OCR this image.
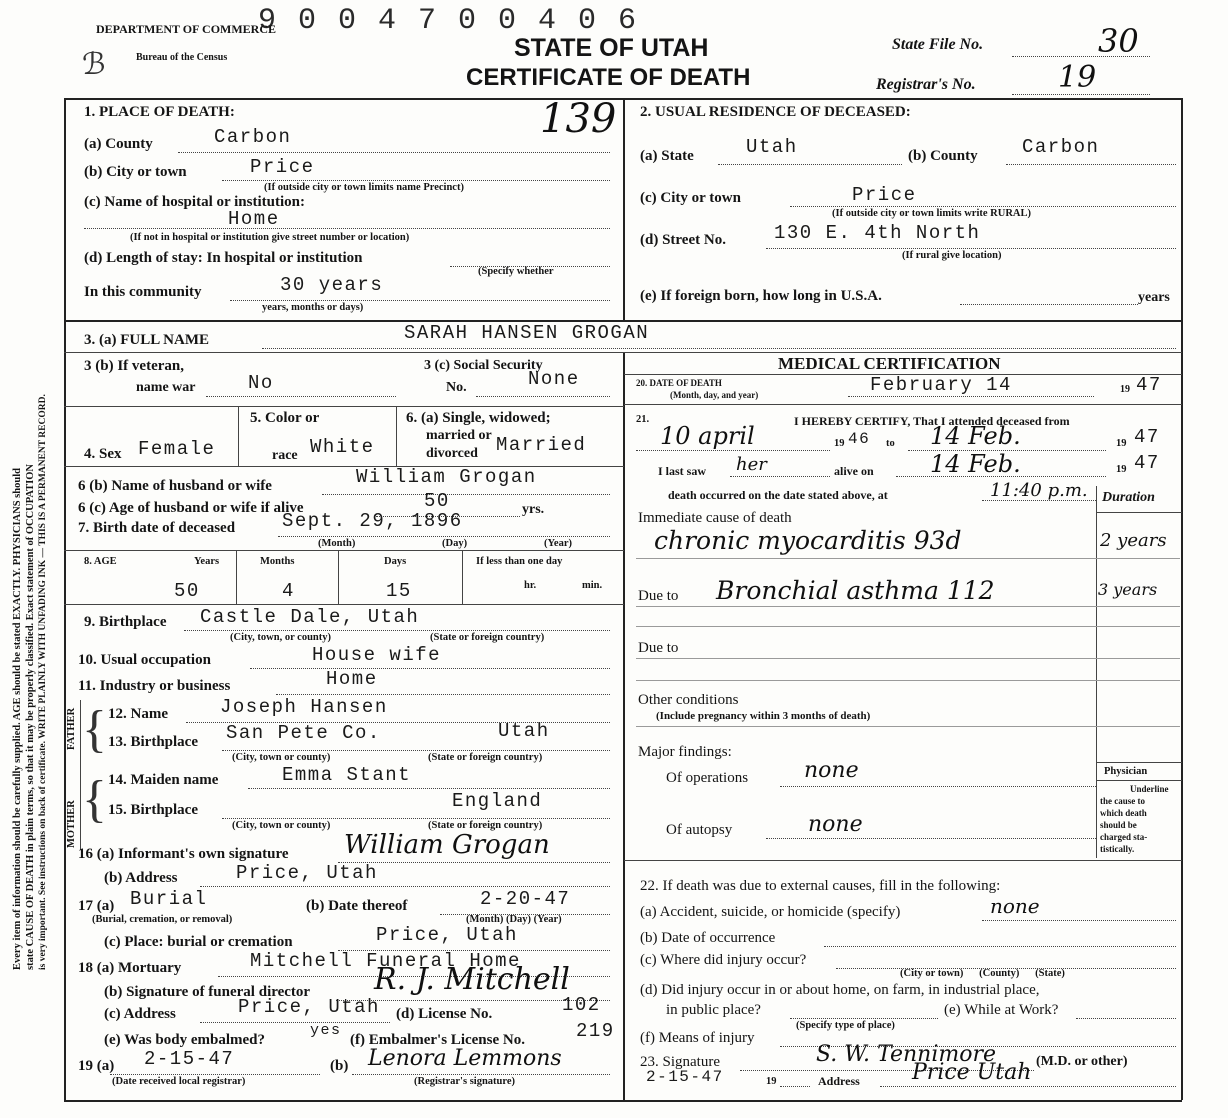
9 0 0 4 7 0 0 4 0 6
DEPARTMENT OF COMMERCE
Bureau of the Census
ℬ	STATE OF UTAH
CERTIFICATE OF DEATH
State File No.	30
Registrar's No.	19
Every item of information should be carefully supplied. AGE should be stated EXACTLY. PHYSICIANS should state CAUSE OF DEATH in plain terms, so that it may be properly classified. Exact statement of OCCUPATION is very important. See instructions on back of certificate. WRITE PLAINLY WITH UNFADING INK — THIS IS A PERMANENT RECORD.
1. PLACE OF DEATH:	139
(a) County	Carbon
(b) City or town	Price
(If outside city or town limits name Precinct)
(c) Name of hospital or institution:
Home
(If not in hospital or institution give street number or location)
(d) Length of stay: In hospital or institution
(Specify whether
In this community	30 years
years, months or days)
2. USUAL RESIDENCE OF DECEASED:
(a) State	Utah	(b) County Carbon
(c) City or town	Price
(If outside city or town limits write RURAL)
(d) Street No.	130 E. 4th North
(If rural give location)
(e) If foreign born, how long in U.S.A.	years
3. (a) FULL NAME	SARAH HANSEN GROGAN
3 (b) If veteran,
name war	No
3 (c) Social Security
No.	None
4. Sex Female
5. Color or
race White
6. (a) Single, widowed;
married or
divorced Married
6 (b) Name of husband or wife	William Grogan
6 (c) Age of husband or wife if alive	50	yrs.
7. Birth date of deceased Sept. 29, 1896
(Month)	(Day)	(Year)
8. AGE	Years	Months	Days	If less than one day
50	4	15	hr.	min.
9. Birthplace Castle Dale, Utah
(City, town, or county)	(State or foreign country)
10. Usual occupation	House wife
11. Industry or business	Home
FATHER
MOTHER
{
{
12. Name	Joseph Hansen
13. Birthplace San Pete Co.	Utah
(City, town or county)	(State or foreign country)
14. Maiden name	Emma Stant
15. Birthplace	England
(City, town or county)	(State or foreign country)
16 (a) Informant's own signature William Grogan
(b) Address	Price, Utah
17 (a) Burial	(b) Date thereof	2-20-47
(Burial, cremation, or removal)	(Month) (Day) (Year)
(c) Place: burial or cremation	Price, Utah
18 (a) Mortuary	Mitchell Funeral Home
(b) Signature of funeral director R. J. Mitchell
(c) Address	Price, Utah (d) License No.	102
(e) Was body embalmed?
yes
(f) Embalmer's License No.	219
19 (a) 2-15-47
(Date received local registrar)
(b) Lenora Lemmons
(Registrar's signature)
MEDICAL CERTIFICATION
20. DATE OF DEATH
(Month, day, and year)	February 14	19 47
21.	I HEREBY CERTIFY, That I attended deceased from
10 april	19 46 to 14 Feb.	19 47
I last saw her	alive on 14 Feb.	19 47
death occurred on the date stated above, at	11:40 p.m. Duration
Immediate cause of death
chronic myocarditis 93d	2 years
Due to Bronchial asthma 112	3 years
Due to
Other conditions
(Include pregnancy within 3 months of death)
Major findings:
Of operations	none
Of autopsy	none
Physician
Underline
the cause to
which death
should be
charged sta-
tistically.
22. If death was due to external causes, fill in the following:
(a) Accident, suicide, or homicide (specify)	none
(b) Date of occurrence
(c) Where did injury occur?
(City or town)      (County)      (State)
(d) Did injury occur in or about home, on farm, in industrial place,
in public place?	(e) While at Work?
(Specify type of place)
(f) Means of injury
23. Signature	S. W. Tennimore	(M.D. or other)
2-15-47	19	Address Price Utah
